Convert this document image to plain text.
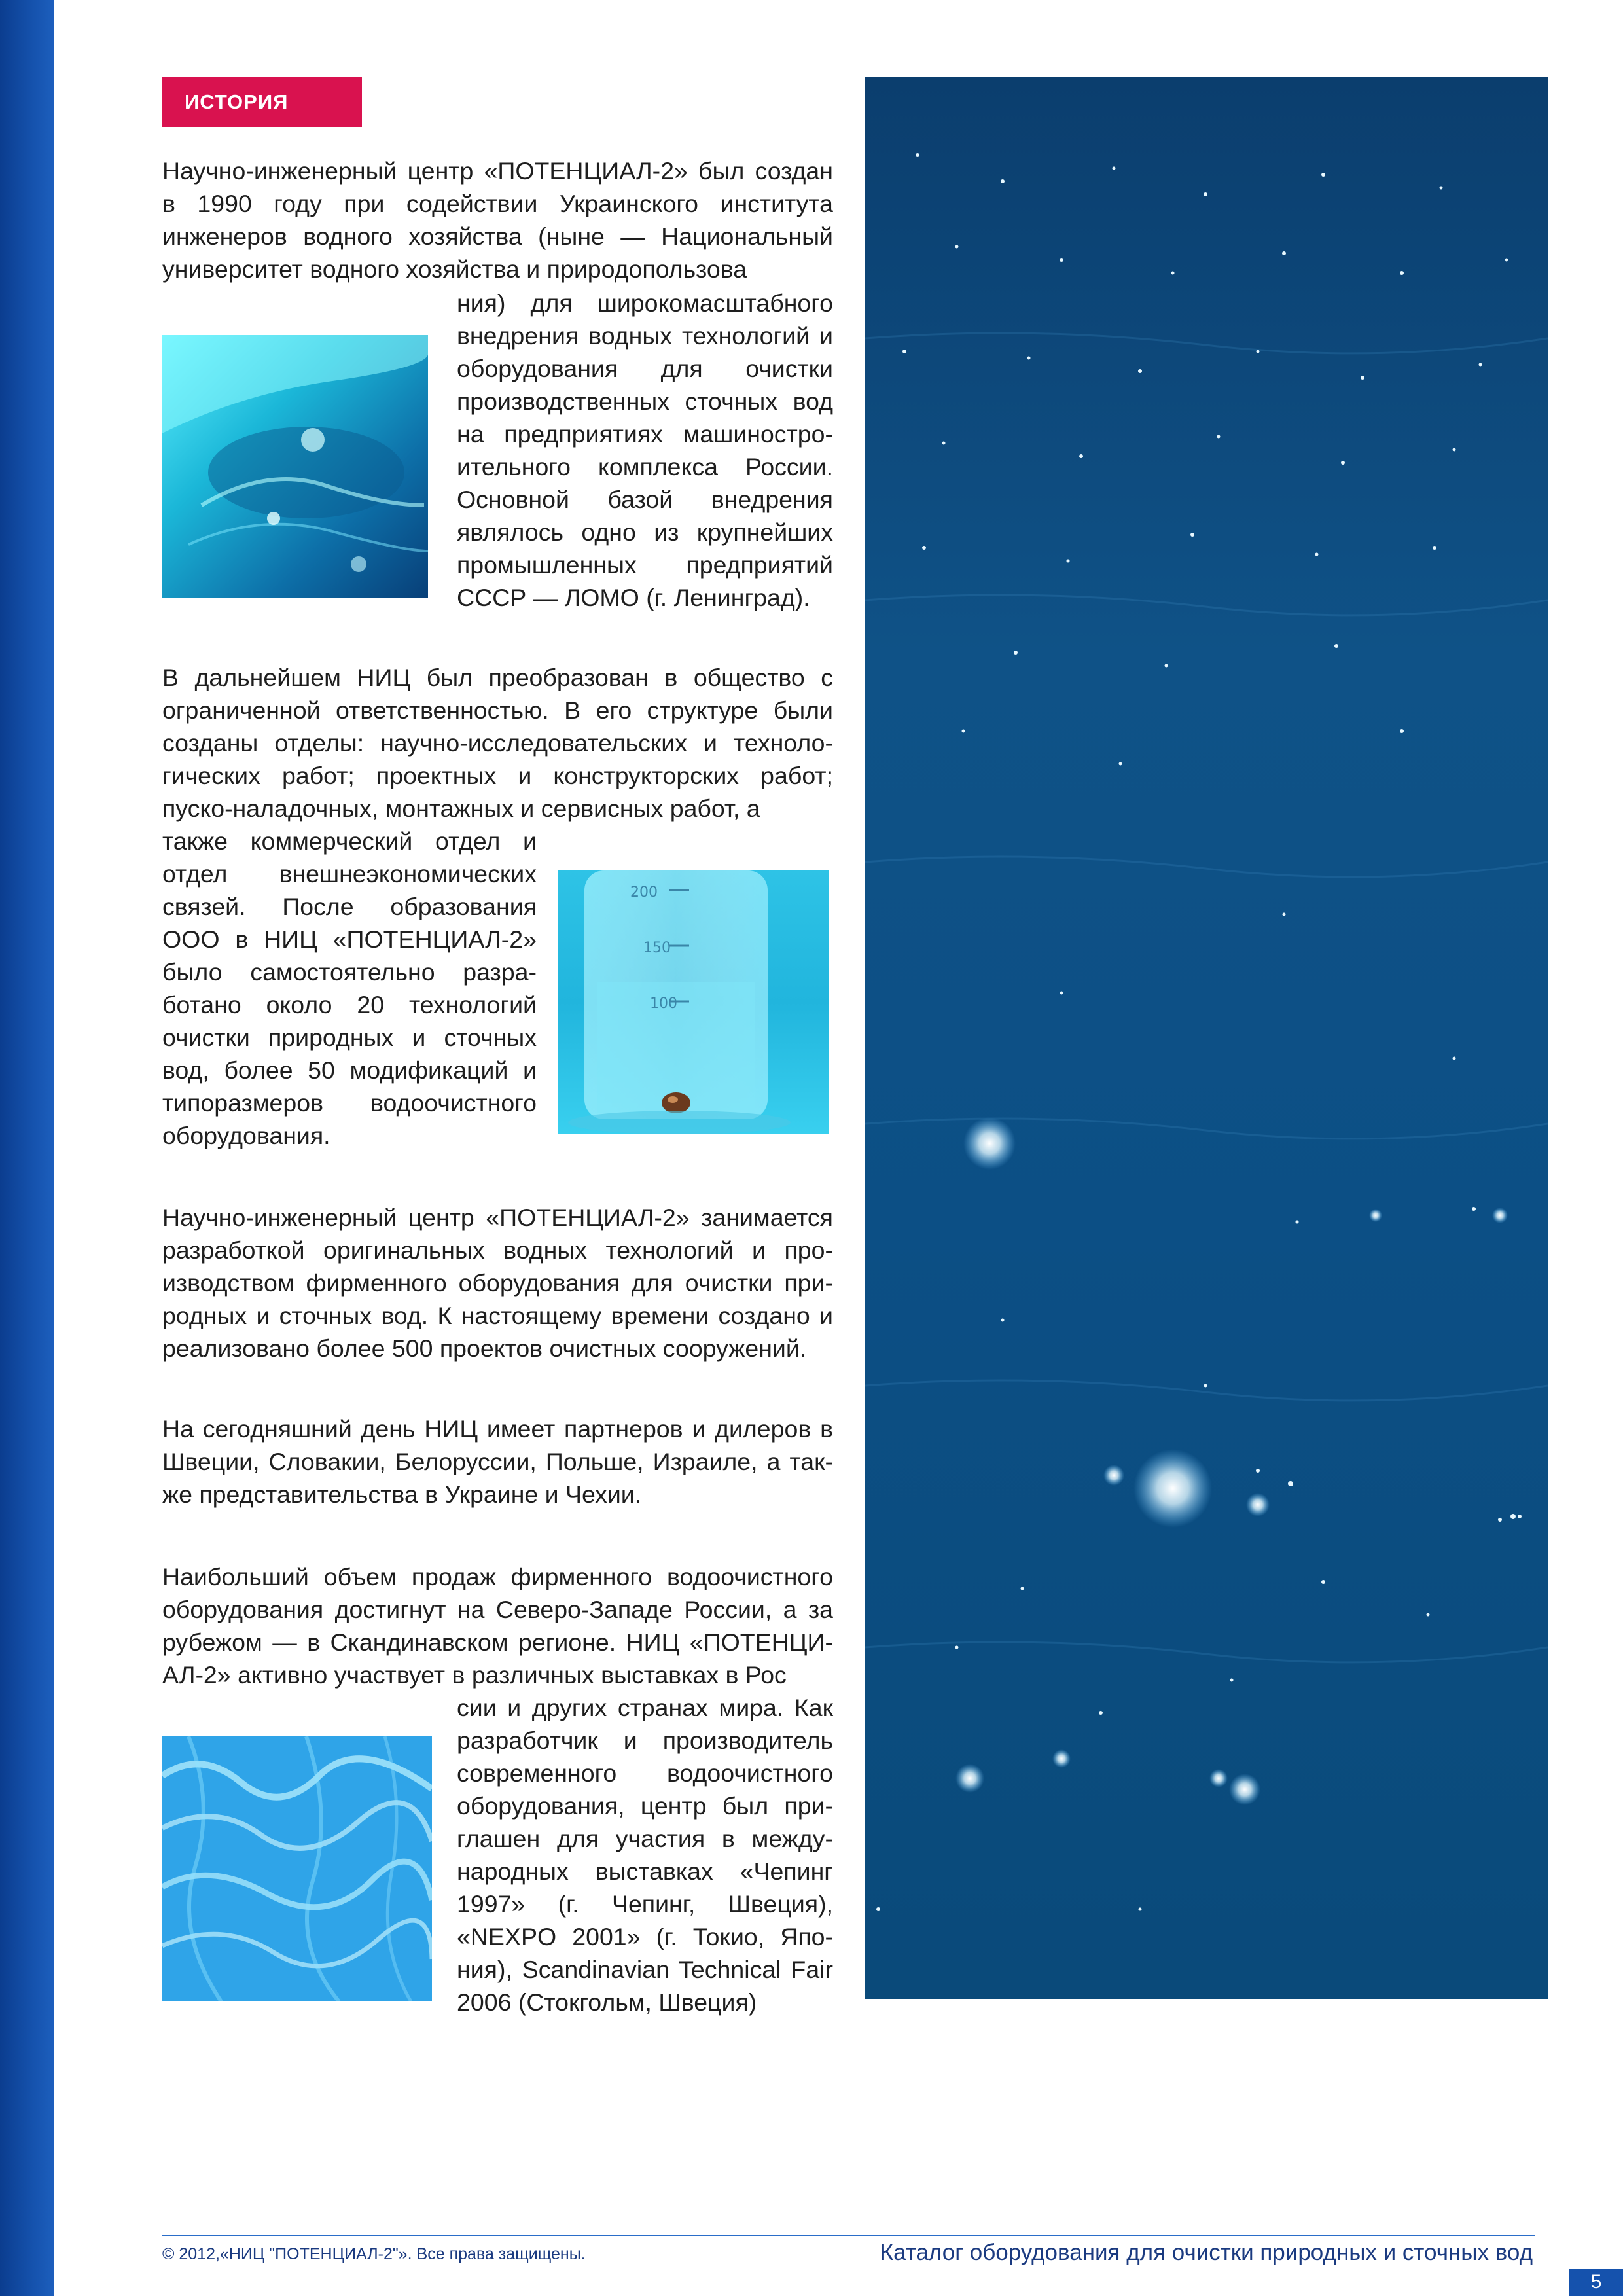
ИСТОРИЯ

Научно-инженерный центр «ПОТЕНЦИАЛ-2» был создан в 1990 году при содействии Украинского института инженеров водного хозяйства (ныне — Национальный университет водного хозяйства и природопользова

ния) для широкомасштабного внедрения водных технологий и оборудования для очистки производственных сточных вод на предприятиях машиностроительного комплекса России. Основной базой внедрения являлось одно из крупнейших промышленных предприятий СССР — ЛОМО (г. Ленинград).

В дальнейшем НИЦ был преобразован в общество с ограниченной ответственностью. В его структуре были созданы отделы: научно-исследовательских и технологических работ; проектных и конструкторских работ; пуско-наладочных, монтажных и сервисных работ, а

также коммерческий отдел и отдел внешнеэкономических связей. После образования ООО в НИЦ «ПОТЕНЦИАЛ-2» было самостоятельно разработано около 20 технологий очистки природных и сточных вод, более 50 модификаций и типоразмеров водоочистного оборудования.

200
150
100

Научно-инженерный центр «ПОТЕНЦИАЛ-2» занимается разработкой оригинальных водных технологий и производством фирменного оборудования для очистки природных и сточных вод. К настоящему времени создано и реализовано более 500 проектов очистных сооружений.

На сегодняшний день НИЦ имеет партнеров и дилеров в Швеции, Словакии, Белоруссии, Польше, Израиле, а также представительства в Украине и Чехии.

Наибольший объем продаж фирменного водоочистного оборудования достигнут на Северо-Западе России, а за рубежом — в Скандинавском регионе. НИЦ «ПОТЕНЦИАЛ-2» активно участвует в различных выставках в Рос

сии и других странах мира. Как разработчик и производитель современного водоочистного оборудования, центр был приглашен для участия в международных выставках «Чепинг 1997» (г. Чепинг, Швеция), «NEXPO 2001» (г. Токио, Япония), Scandinavian Technical Fair 2006 (Стокгольм, Швеция)

© 2012,«НИЦ "ПОТЕНЦИАЛ-2"». Все права защищены.	Каталог оборудования для очистки природных и сточных вод
5
